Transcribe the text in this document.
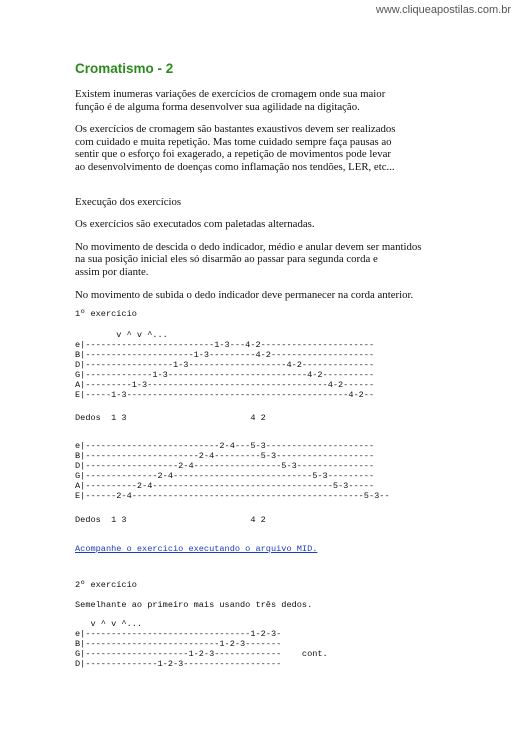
www.cliqueapostilas.com.br
Cromatismo - 2

Existem inumeras variações de exercícios de cromagem onde sua maior
função é de alguma forma desenvolver sua agilidade na digitação.

Os exercícios de cromagem são bastantes exaustivos devem ser realizados
com cuidado e muita repetição. Mas tome cuidado sempre faça pausas ao
sentir que o esforço foi exagerado, a repetição de movimentos pode levar
ao desenvolvimento de doenças como inflamação nos tendões, LER, etc...

Execução dos exercícios

Os exercícios são executados com paletadas alternadas.

No movimento de descida o dedo indicador, médio e anular devem ser mantidos
na sua posição inicial eles só disarmão ao passar para segunda corda e
assim por diante.

No movimento de subida o dedo indicador deve permanecer na corda anterior.

1º exercício
v ^ v ^...
e|-------------------------1-3---4-2----------------------
B|---------------------1-3---------4-2--------------------
D|-----------------1-3-------------------4-2--------------
G|-------------1-3---------------------------4-2----------
A|---------1-3-----------------------------------4-2------
E|-----1-3-------------------------------------------4-2--
Dedos  1 3                        4 2
e|--------------------------2-4---5-3---------------------
B|----------------------2-4---------5-3-------------------
D|------------------2-4-----------------5-3---------------
G|--------------2-4---------------------------5-3---------
A|----------2-4-----------------------------------5-3-----
E|------2-4---------------------------------------------5-3--
Dedos  1 3                        4 2
Acompanhe o exercicio executando o arquivo MID.
2º exercício
Semelhante ao primeiro mais usando três dedos.
v ^ v ^...
e|--------------------------------1-2-3-
B|--------------------------1-2-3-------
G|--------------------1-2-3-------------    cont.
D|--------------1-2-3-------------------
